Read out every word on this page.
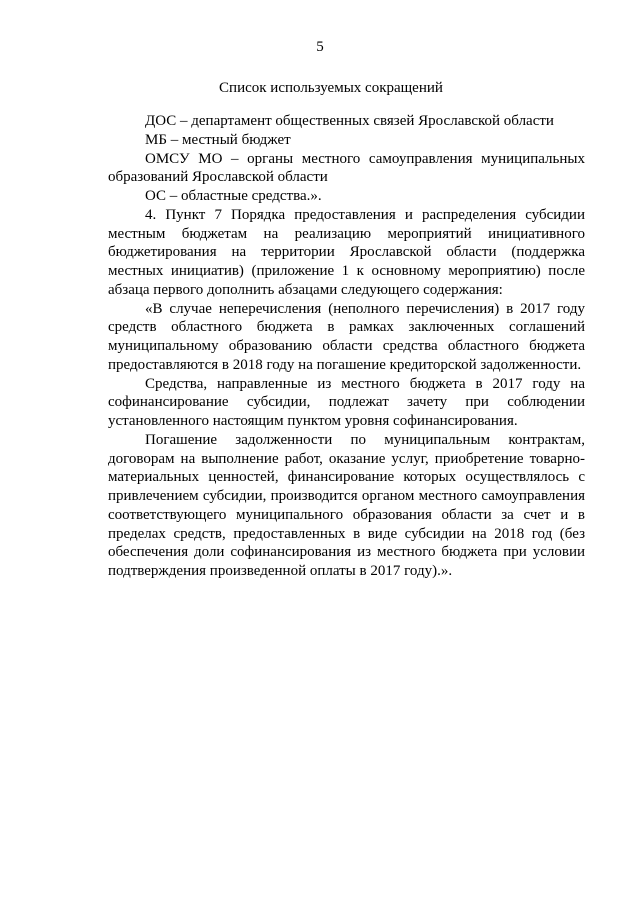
5
Список используемых сокращений

ДОС – департамент общественных связей Ярославской области

МБ – местный бюджет

ОМСУ МО – органы местного самоуправления муниципальных образований Ярославской области

ОС – областные средства.».

4. Пункт 7 Порядка предоставления и распределения субсидии местным бюджетам на реализацию мероприятий инициативного бюджетирования на территории Ярославской области (поддержка местных инициатив) (приложение 1 к основному мероприятию) после абзаца первого дополнить абзацами следующего содержания:

«В случае неперечисления (неполного перечисления) в 2017 году средств областного бюджета в рамках заключенных соглашений муниципальному образованию области средства областного бюджета предоставляются в 2018 году на погашение кредиторской задолженности.

Средства, направленные из местного бюджета в 2017 году на софинансирование субсидии, подлежат зачету при соблюдении установленного настоящим пунктом уровня софинансирования.

Погашение задолженности по муниципальным контрактам, договорам на выполнение работ, оказание услуг, приобретение товарно-материальных ценностей, финансирование которых осуществлялось с привлечением субсидии, производится органом местного самоуправления соответствующего муниципального образования области за счет и в пределах средств, предоставленных в виде субсидии на 2018 год (без обеспечения доли софинансирования из местного бюджета при условии подтверждения произведенной оплаты в 2017 году).».
